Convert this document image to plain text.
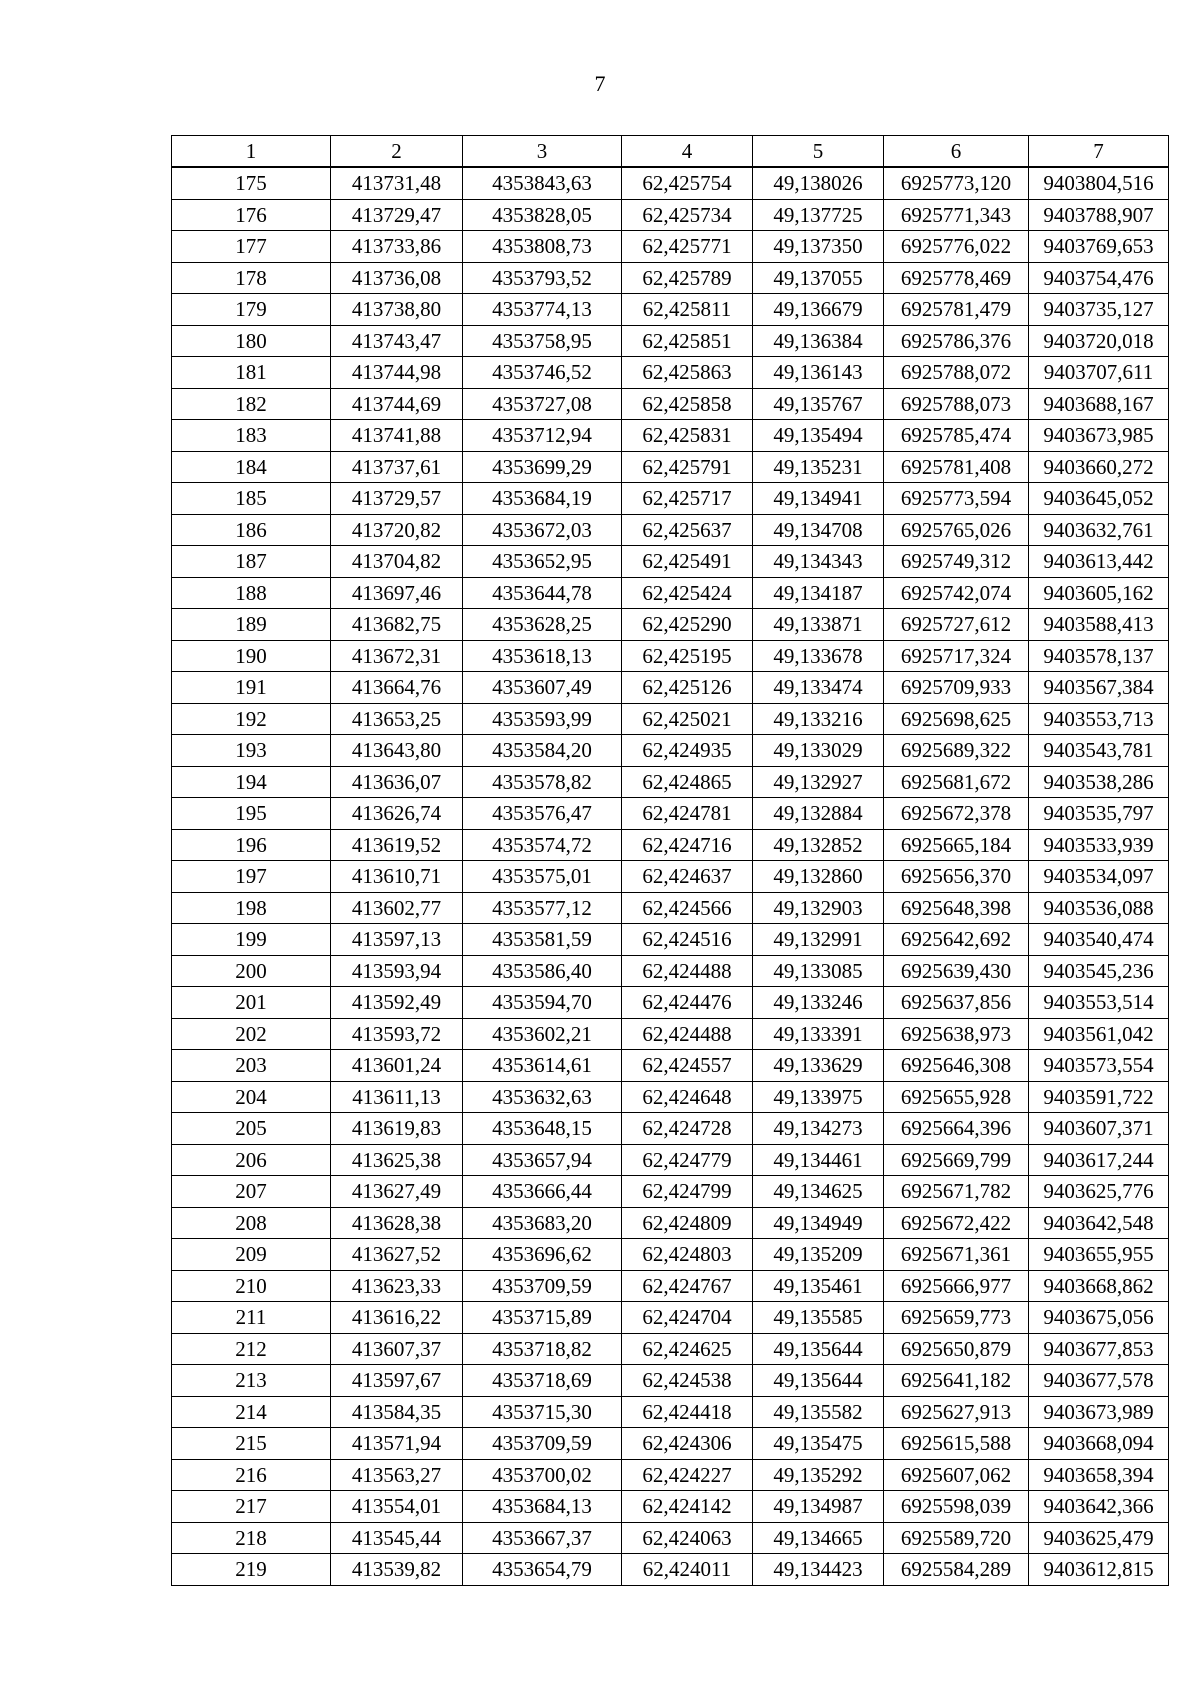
7
1	2	3	4	5	6	7
175	413731,48	4353843,63	62,425754	49,138026	6925773,120	9403804,516
176	413729,47	4353828,05	62,425734	49,137725	6925771,343	9403788,907
177	413733,86	4353808,73	62,425771	49,137350	6925776,022	9403769,653
178	413736,08	4353793,52	62,425789	49,137055	6925778,469	9403754,476
179	413738,80	4353774,13	62,425811	49,136679	6925781,479	9403735,127
180	413743,47	4353758,95	62,425851	49,136384	6925786,376	9403720,018
181	413744,98	4353746,52	62,425863	49,136143	6925788,072	9403707,611
182	413744,69	4353727,08	62,425858	49,135767	6925788,073	9403688,167
183	413741,88	4353712,94	62,425831	49,135494	6925785,474	9403673,985
184	413737,61	4353699,29	62,425791	49,135231	6925781,408	9403660,272
185	413729,57	4353684,19	62,425717	49,134941	6925773,594	9403645,052
186	413720,82	4353672,03	62,425637	49,134708	6925765,026	9403632,761
187	413704,82	4353652,95	62,425491	49,134343	6925749,312	9403613,442
188	413697,46	4353644,78	62,425424	49,134187	6925742,074	9403605,162
189	413682,75	4353628,25	62,425290	49,133871	6925727,612	9403588,413
190	413672,31	4353618,13	62,425195	49,133678	6925717,324	9403578,137
191	413664,76	4353607,49	62,425126	49,133474	6925709,933	9403567,384
192	413653,25	4353593,99	62,425021	49,133216	6925698,625	9403553,713
193	413643,80	4353584,20	62,424935	49,133029	6925689,322	9403543,781
194	413636,07	4353578,82	62,424865	49,132927	6925681,672	9403538,286
195	413626,74	4353576,47	62,424781	49,132884	6925672,378	9403535,797
196	413619,52	4353574,72	62,424716	49,132852	6925665,184	9403533,939
197	413610,71	4353575,01	62,424637	49,132860	6925656,370	9403534,097
198	413602,77	4353577,12	62,424566	49,132903	6925648,398	9403536,088
199	413597,13	4353581,59	62,424516	49,132991	6925642,692	9403540,474
200	413593,94	4353586,40	62,424488	49,133085	6925639,430	9403545,236
201	413592,49	4353594,70	62,424476	49,133246	6925637,856	9403553,514
202	413593,72	4353602,21	62,424488	49,133391	6925638,973	9403561,042
203	413601,24	4353614,61	62,424557	49,133629	6925646,308	9403573,554
204	413611,13	4353632,63	62,424648	49,133975	6925655,928	9403591,722
205	413619,83	4353648,15	62,424728	49,134273	6925664,396	9403607,371
206	413625,38	4353657,94	62,424779	49,134461	6925669,799	9403617,244
207	413627,49	4353666,44	62,424799	49,134625	6925671,782	9403625,776
208	413628,38	4353683,20	62,424809	49,134949	6925672,422	9403642,548
209	413627,52	4353696,62	62,424803	49,135209	6925671,361	9403655,955
210	413623,33	4353709,59	62,424767	49,135461	6925666,977	9403668,862
211	413616,22	4353715,89	62,424704	49,135585	6925659,773	9403675,056
212	413607,37	4353718,82	62,424625	49,135644	6925650,879	9403677,853
213	413597,67	4353718,69	62,424538	49,135644	6925641,182	9403677,578
214	413584,35	4353715,30	62,424418	49,135582	6925627,913	9403673,989
215	413571,94	4353709,59	62,424306	49,135475	6925615,588	9403668,094
216	413563,27	4353700,02	62,424227	49,135292	6925607,062	9403658,394
217	413554,01	4353684,13	62,424142	49,134987	6925598,039	9403642,366
218	413545,44	4353667,37	62,424063	49,134665	6925589,720	9403625,479
219	413539,82	4353654,79	62,424011	49,134423	6925584,289	9403612,815
